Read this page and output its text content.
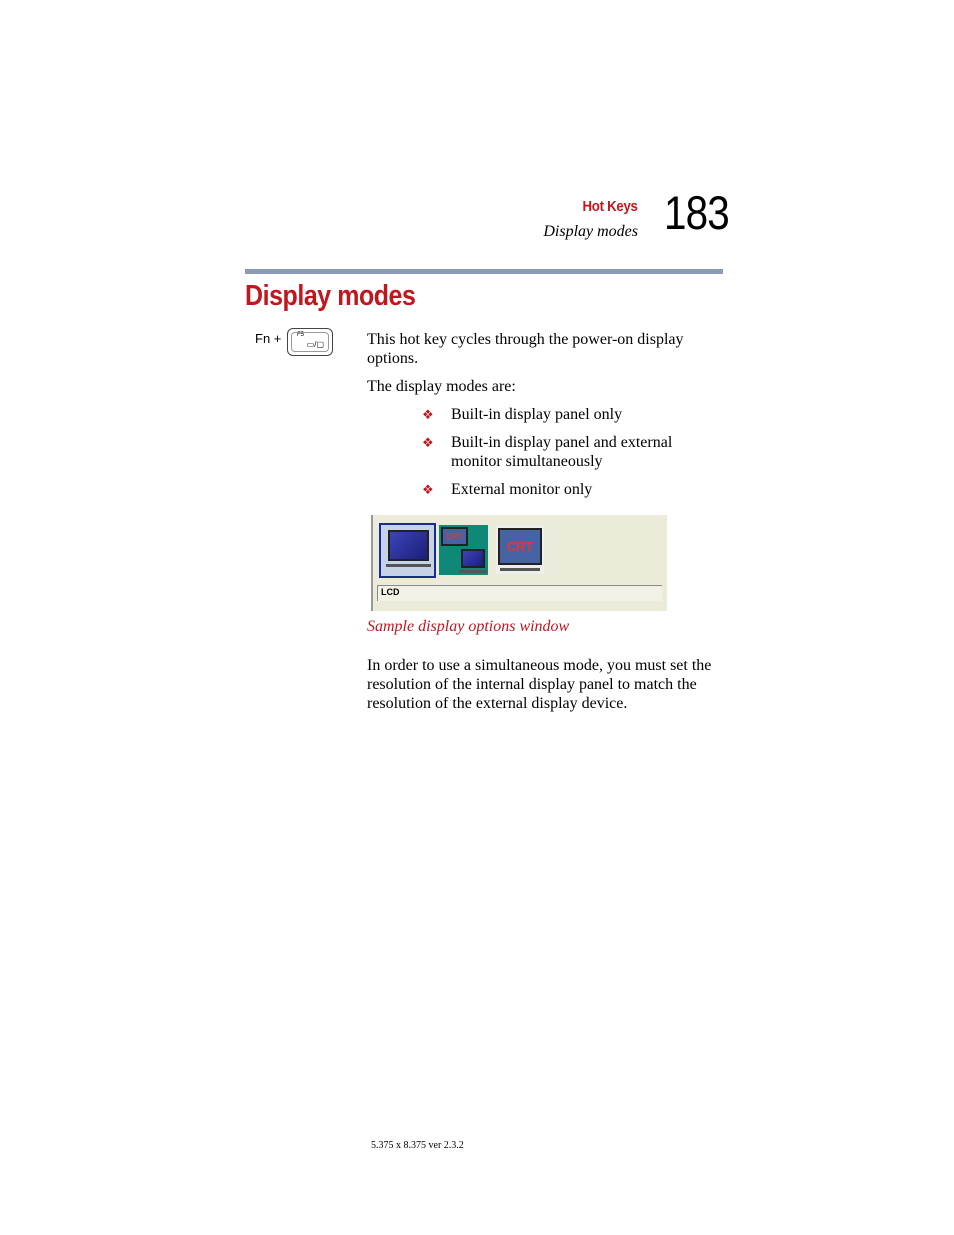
Hot Keys
Display modes 183
Display modes
Fn +	F5
▭/▢	This hot key cycles through the power-on display options.
The display modes are:
❖ Built-in display panel only
❖ Built-in display panel and external monitor simultaneously
❖ External monitor only
CRT
CRT
LCD
Sample display options window
In order to use a simultaneous mode, you must set the resolution of the internal display panel to match the resolution of the external display device.
5.375 x 8.375 ver 2.3.2
